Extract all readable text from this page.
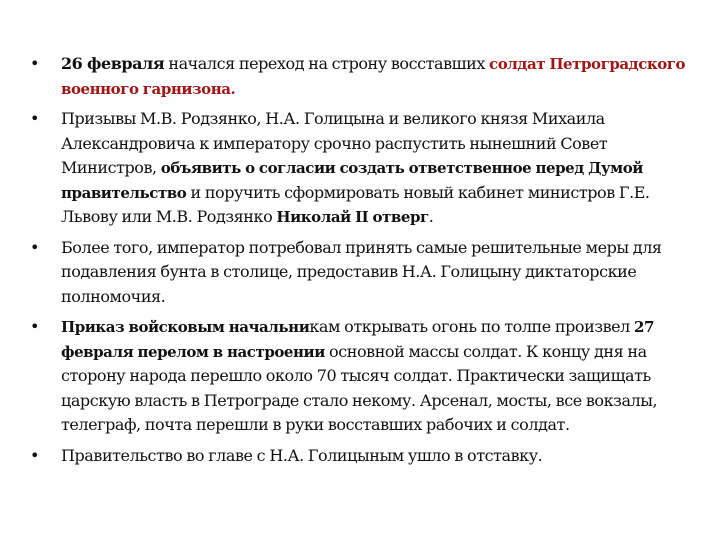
• 26 февраля начался переход на строну восставших солдат Петроградского военного гарнизона.
• Призывы М.В. Родзянко, Н.А. Голицына и великого князя Михаила Александровича к императору срочно распустить нынешний Совет Министров, объявить о согласии создать ответственное перед Думой правительство и поручить сформировать новый кабинет министров Г.Е. Львову или М.В. Родзянко Николай II отверг.
• Более того, император потребовал принять самые решительные меры для подавления бунта в столице, предоставив Н.А. Голицыну диктаторские полномочия.
• Приказ войсковым начальникам открывать огонь по толпе произвел 27 февраля перелом в настроении основной массы солдат. К концу дня на сторону народа перешло около 70 тысяч солдат. Практически защищать царскую власть в Петрограде стало некому. Арсенал, мосты, все вокзалы, телеграф, почта перешли в руки восставших рабочих и солдат.
• Правительство во главе с Н.А. Голицыным ушло в отставку.
